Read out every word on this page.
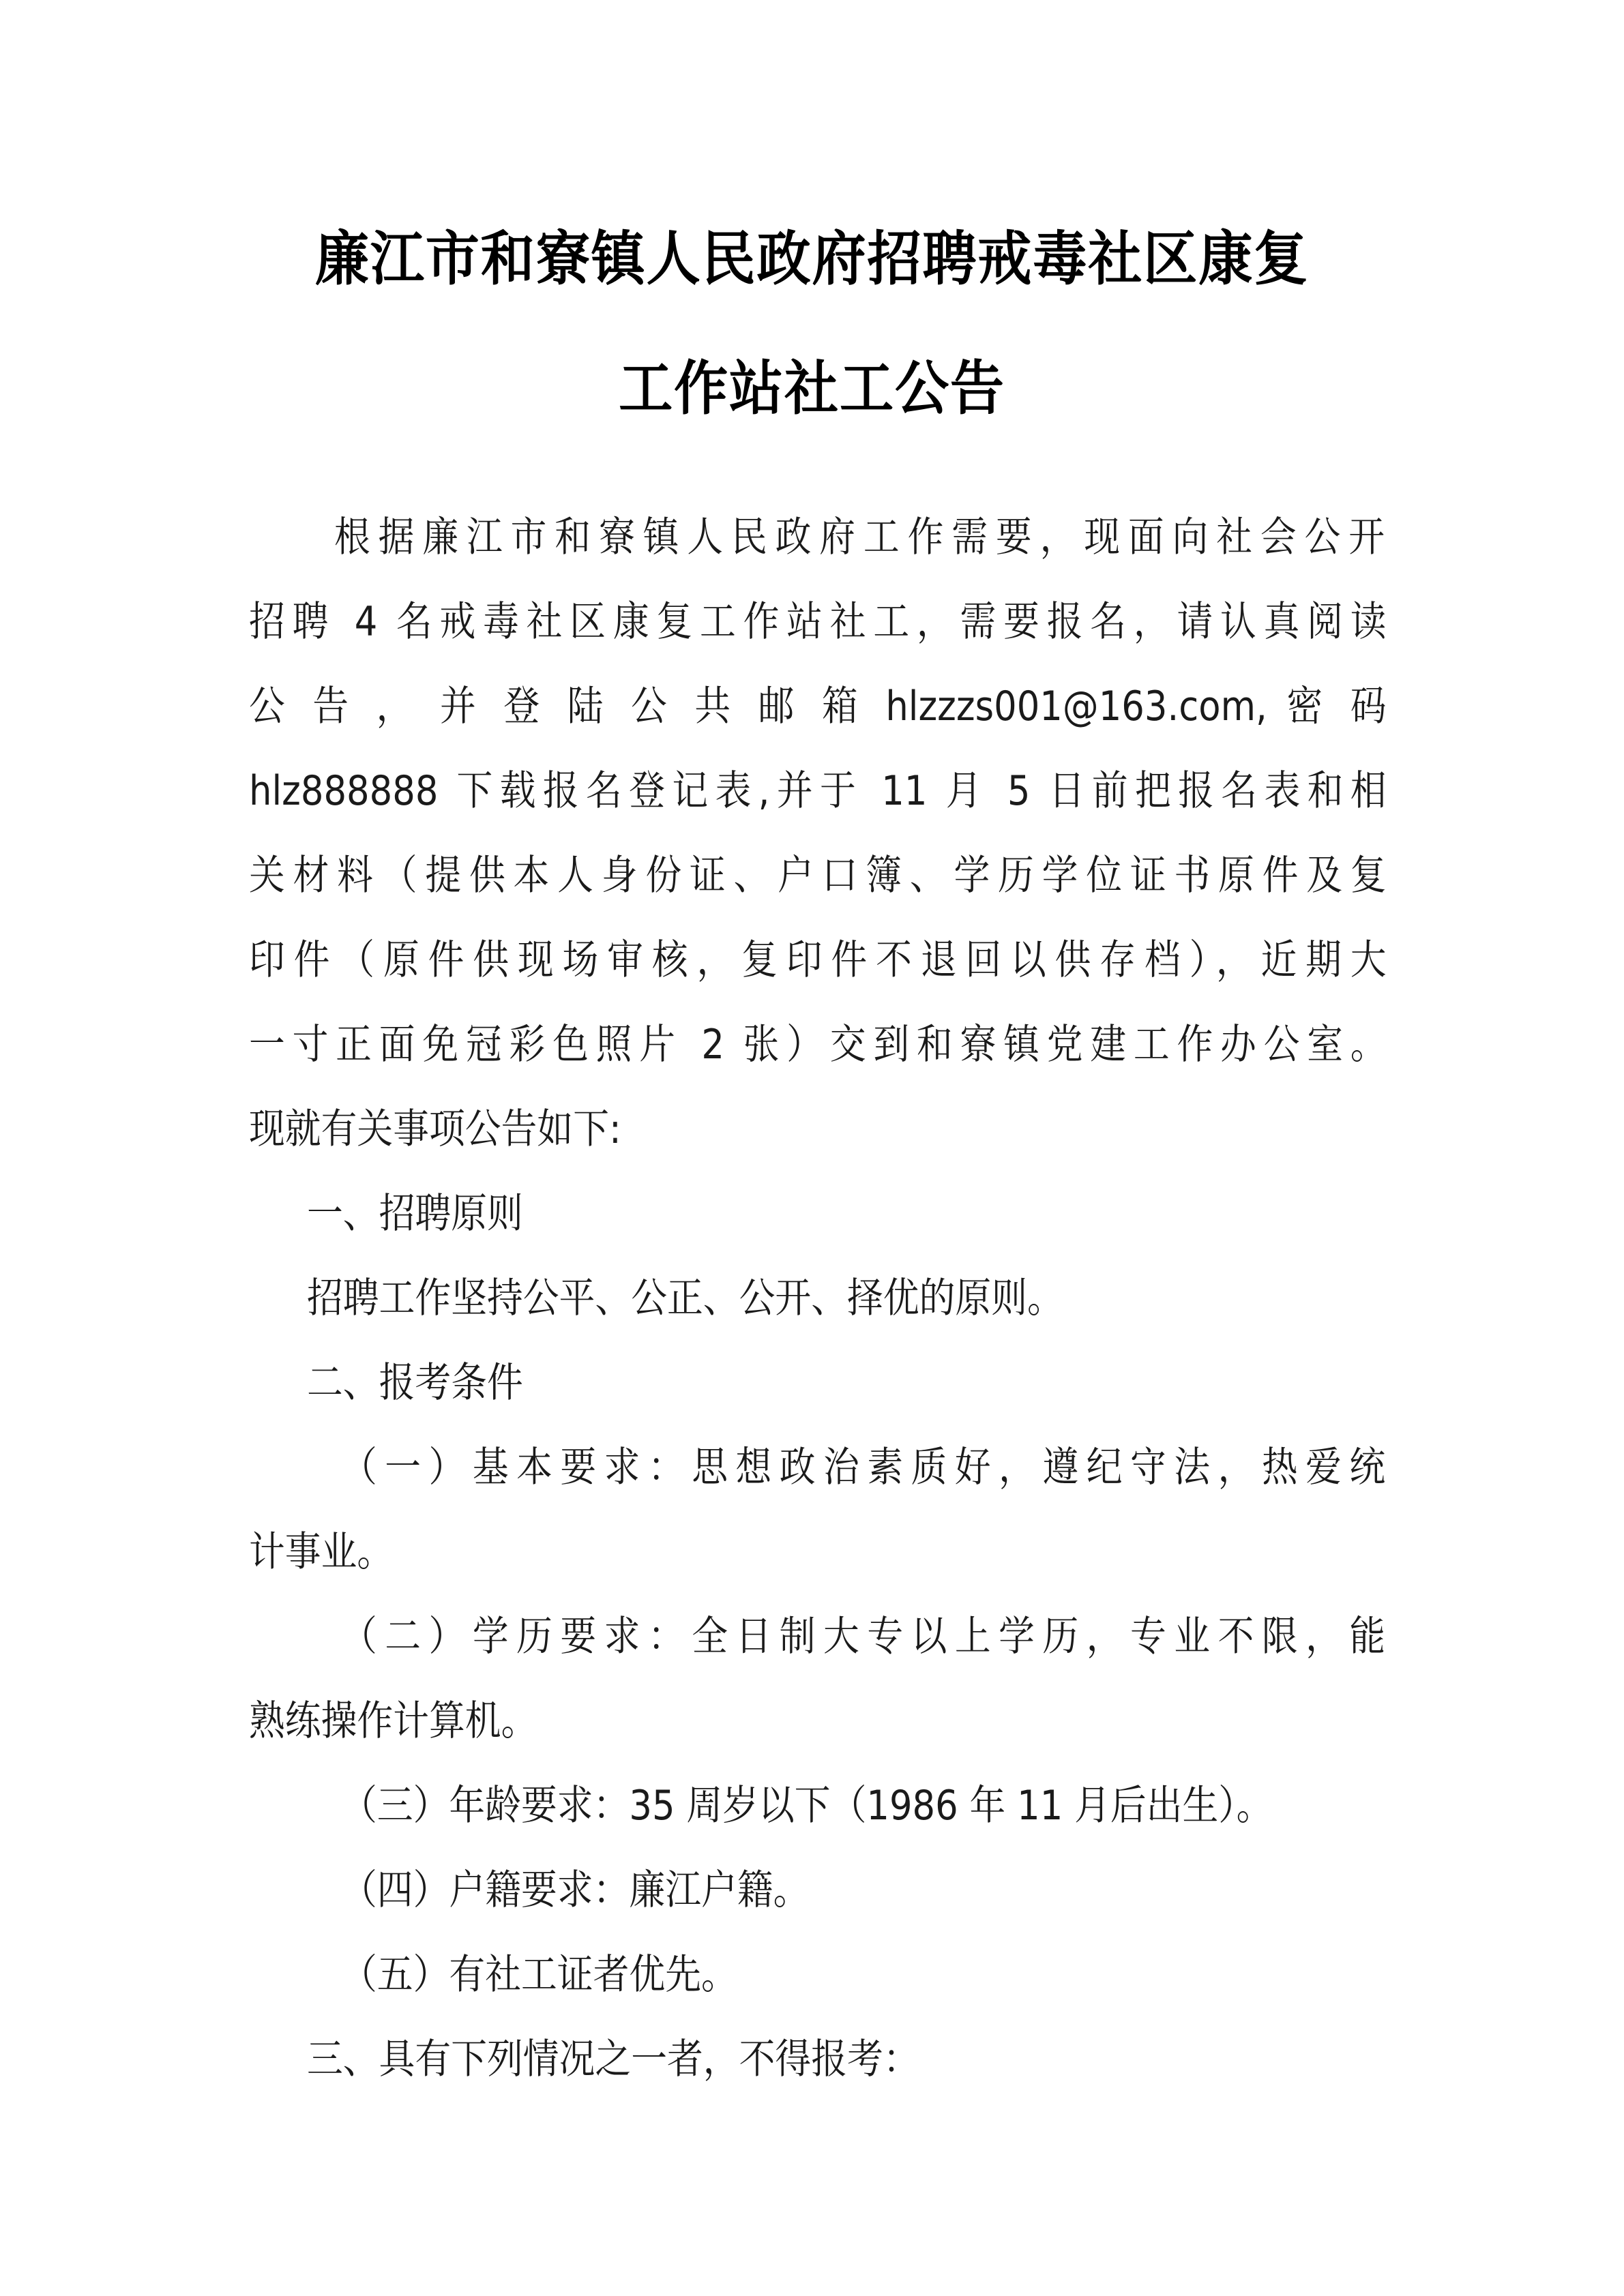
廉江市和寮镇人民政府招聘戒毒社区康复
工作站社工公告
根据廉江市和寮镇人民政府工作需要，现面向社会公开
招聘 4 名戒毒社区康复工作站社工，需要报名，请认真阅读
公 告 ， 并 登 陆 公 共 邮 箱 hlzzzs001@163.com, 密 码
hlz888888 下载报名登记表,并于 11 月 5 日前把报名表和相
关材料（提供本人身份证、户口簿、学历学位证书原件及复
印件（原件供现场审核，复印件不退回以供存档），近期大
一寸正面免冠彩色照片 2 张）交到和寮镇党建工作办公室。
现就有关事项公告如下:
一、招聘原则
招聘工作坚持公平、公正、公开、择优的原则。
二、报考条件
（一）基本要求：思想政治素质好，遵纪守法，热爱统
计事业。
（二）学历要求：全日制大专以上学历，专业不限，能
熟练操作计算机。
（三）年龄要求：35 周岁以下（1986 年 11 月后出生）。
（四）户籍要求：廉江户籍。
（五）有社工证者优先。
三、具有下列情况之一者，不得报考：
